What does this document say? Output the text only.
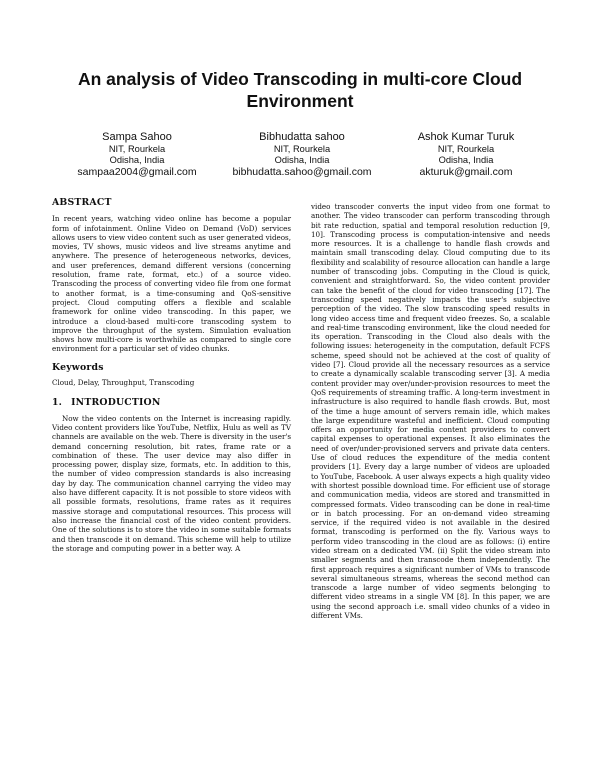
An analysis of Video Transcoding in multi-core Cloud Environment
Sampa Sahoo
NIT, Rourkela
Odisha, India
sampaa2004@gmail.com
Bibhudatta sahoo
NIT, Rourkela
Odisha, India
bibhudatta.sahoo@gmail.com
Ashok Kumar Turuk
NIT, Rourkela
Odisha, India
akturuk@gmail.com
ABSTRACT

In recent years, watching video online has become a popular form of infotainment. Online Video on Demand (VoD) services allows users to view video content such as user generated videos, movies, TV shows, music videos and live streams anytime and anywhere. The presence of heterogeneous networks, devices, and user preferences, demand different versions (concerning resolution, frame rate, format, etc.) of a source video. Transcoding the process of converting video file from one format to another format, is a time-consuming and QoS-sensitive project. Cloud computing offers a flexible and scalable framework for online video transcoding. In this paper, we introduce a cloud-based multi-core transcoding system to improve the throughput of the system. Simulation evaluation shows how multi-core is worthwhile as compared to single core environment for a particular set of video chunks.

Keywords

Cloud, Delay, Throughput, Transcoding

1. INTRODUCTION

Now the video contents on the Internet is increasing rapidly. Video content providers like YouTube, Netflix, Hulu as well as TV channels are available on the web. There is diversity in the user's demand concerning resolution, bit rates, frame rate or a combination of these. The user device may also differ in processing power, display size, formats, etc. In addition to this, the number of video compression standards is also increasing day by day. The communication channel carrying the video may also have different capacity. It is not possible to store videos with all possible formats, resolutions, frame rates as it requires massive storage and computational resources. This process will also increase the financial cost of the video content providers. One of the solutions is to store the video in some suitable formats and then transcode it on demand. This scheme will help to utilize the storage and computing power in a better way. A

video transcoder converts the input video from one format to another. The video transcoder can perform transcoding through bit rate reduction, spatial and temporal resolution reduction [9, 10]. Transcoding process is computation-intensive and needs more resources. It is a challenge to handle flash crowds and maintain small transcoding delay. Cloud computing due to its flexibility and scalability of resource allocation can handle a large number of transcoding jobs. Computing in the Cloud is quick, convenient and straightforward. So, the video content provider can take the benefit of the cloud for video transcoding [17]. The transcoding speed negatively impacts the user's subjective perception of the video. The slow transcoding speed results in long video access time and frequent video freezes. So, a scalable and real-time transcoding environment, like the cloud needed for its operation. Transcoding in the Cloud also deals with the following issues: heterogeneity in the computation, default FCFS scheme, speed should not be achieved at the cost of quality of video [7]. Cloud provide all the necessary resources as a service to create a dynamically scalable transcoding server [3]. A media content provider may over/under-provision resources to meet the QoS requirements of streaming traffic. A long-term investment in infrastructure is also required to handle flash crowds. But, most of the time a huge amount of servers remain idle, which makes the large expenditure wasteful and inefficient. Cloud computing offers an opportunity for media content providers to convert capital expenses to operational expenses. It also eliminates the need of over/under-provisioned servers and private data centers. Use of cloud reduces the expenditure of the media content providers [1]. Every day a large number of videos are uploaded to YouTube, Facebook. A user always expects a high quality video with shortest possible download time. For efficient use of storage and communication media, videos are stored and transmitted in compressed formats. Video transcoding can be done in real-time or in batch processing. For an on-demand video streaming service, if the required video is not available in the desired format, transcoding is performed on the fly. Various ways to perform video transcoding in the cloud are as follows: (i) entire video stream on a dedicated VM. (ii) Split the video stream into smaller segments and then transcode them independently. The first approach requires a significant number of VMs to transcode several simultaneous streams, whereas the second method can transcode a large number of video segments belonging to different video streams in a single VM [8]. In this paper, we are using the second approach i.e. small video chunks of a video in different VMs.
